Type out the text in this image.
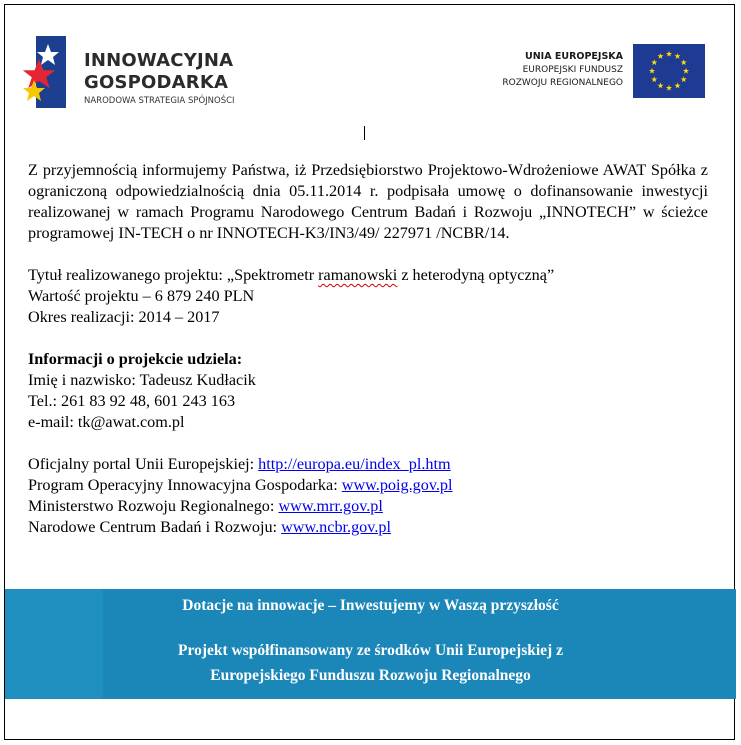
INNOWACYJNA
GOSPODARKA
NARODOWA STRATEGIA SPÓJNOŚCI
UNIA EUROPEJSKA
EUROPEJSKI FUNDUSZ
ROZWOJU REGIONALNEGO
Z przyjemnością informujemy Państwa, iż Przedsiębiorstwo Projektowo-Wdrożeniowe AWAT Spółka z ograniczoną odpowiedzialnością dnia 05.11.2014 r. podpisała umowę o dofinansowanie inwestycji realizowanej w ramach Programu Narodowego Centrum Badań i Rozwoju „INNOTECH” w ścieżce programowej IN-TECH o nr INNOTECH-K3/IN3/49/ 227971 /NCBR/14.
Tytuł realizowanego projektu: „Spektrometr ramanowski z heterodyną optyczną”
Wartość projektu – 6 879 240 PLN
Okres realizacji: 2014 – 2017
Informacji o projekcie udziela:
Imię i nazwisko: Tadeusz Kudłacik
Tel.: 261 83 92 48, 601 243 163
e-mail: tk@awat.com.pl
Oficjalny portal Unii Europejskiej: http://europa.eu/index_pl.htm
Program Operacyjny Innowacyjna Gospodarka: www.poig.gov.pl
Ministerstwo Rozwoju Regionalnego: www.mrr.gov.pl
Narodowe Centrum Badań i Rozwoju: www.ncbr.gov.pl
Dotacje na innowacje – Inwestujemy w Waszą przyszłość
Projekt współfinansowany ze środków Unii Europejskiej z
Europejskiego Funduszu Rozwoju Regionalnego
